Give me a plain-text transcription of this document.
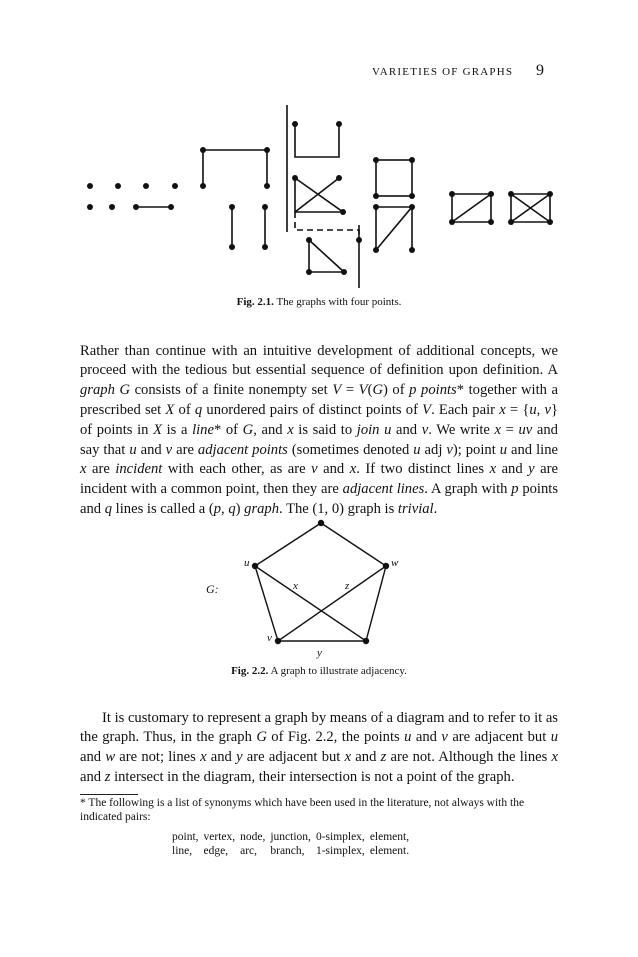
VARIETIES OF GRAPHS 9
Fig. 2.1. The graphs with four points.

Rather than continue with an intuitive development of additional concepts, we proceed with the tedious but essential sequence of definition upon definition. A graph G consists of a finite nonempty set V = V(G) of p points* together with a prescribed set X of q unordered pairs of distinct points of V. Each pair x = {u, v} of points in X is a line* of G, and x is said to join u and v. We write x = uv and say that u and v are adjacent points (sometimes denoted u adj v); point u and line x are incident with each other, as are v and x. If two distinct lines x and y are incident with a common point, then they are adjacent lines. A graph with p points and q lines is called a (p, q) graph. The (1, 0) graph is trivial.

G:
u	w
v
x	z
y
Fig. 2.2. A graph to illustrate adjacency.

It is customary to represent a graph by means of a diagram and to refer to it as the graph. Thus, in the graph G of Fig. 2.2, the points u and v are adjacent but u and w are not; lines x and y are adjacent but x and z are not. Although the lines x and z intersect in the diagram, their intersection is not a point of the graph.

* The following is a list of synonyms which have been used in the literature, not always with the indicated pairs:
point,	vertex,	node,	junction,	0-simplex,	element,
line,	edge,	arc,	branch,	1-simplex,	element.
